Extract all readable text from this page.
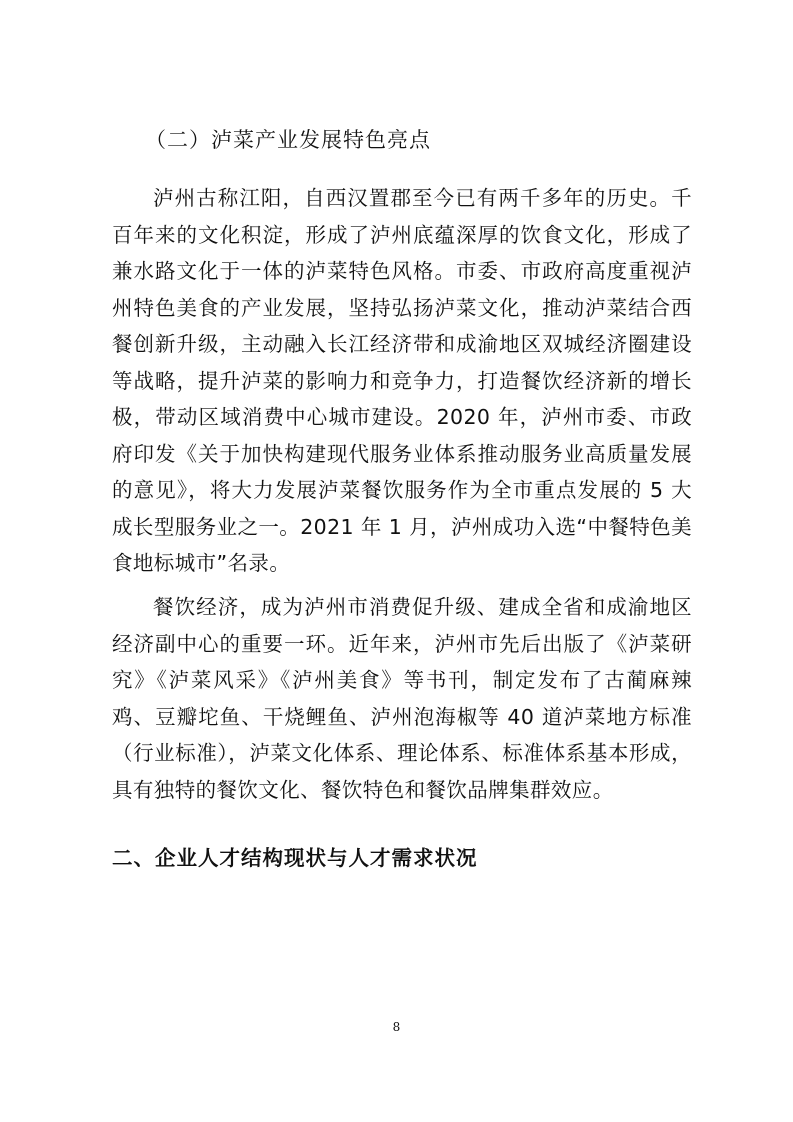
（二）泸菜产业发展特色亮点

泸州古称江阳，自西汉置郡至今已有两千多年的历史。千百年来的文化积淀，形成了泸州底蕴深厚的饮食文化，形成了兼水路文化于一体的泸菜特色风格。市委、市政府高度重视泸州特色美食的产业发展，坚持弘扬泸菜文化，推动泸菜结合西餐创新升级，主动融入长江经济带和成渝地区双城经济圈建设等战略，提升泸菜的影响力和竞争力，打造餐饮经济新的增长极，带动区域消费中心城市建设。2020 年，泸州市委、市政府印发《关于加快构建现代服务业体系推动服务业高质量发展的意见》，将大力发展泸菜餐饮服务作为全市重点发展的 5 大成长型服务业之一。2021 年 1 月，泸州成功入选“中餐特色美食地标城市”名录。

餐饮经济，成为泸州市消费促升级、建成全省和成渝地区经济副中心的重要一环。近年来，泸州市先后出版了《泸菜研究》《泸菜风采》《泸州美食》等书刊，制定发布了古蔺麻辣鸡、豆瓣坨鱼、干烧鲤鱼、泸州泡海椒等 40 道泸菜地方标准（行业标准），泸菜文化体系、理论体系、标准体系基本形成，具有独特的餐饮文化、餐饮特色和餐饮品牌集群效应。

二、企业人才结构现状与人才需求状况
8
